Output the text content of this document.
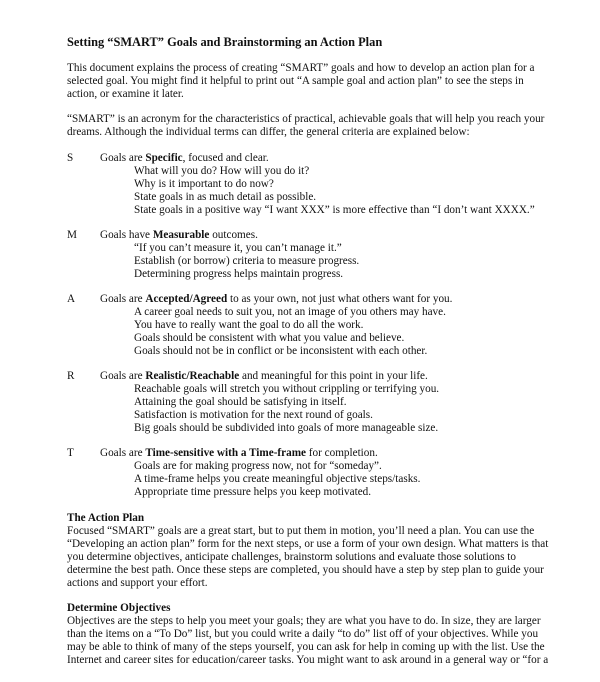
Setting “SMART” Goals and Brainstorming an Action Plan
This document explains the process of creating “SMART” goals and how to develop an action plan for a
selected goal. You might find it helpful to print out “A sample goal and action plan” to see the steps in
action, or examine it later.
“SMART” is an acronym for the characteristics of practical, achievable goals that will help you reach your
dreams. Although the individual terms can differ, the general criteria are explained below:
S Goals are Specific, focused and clear.
What will you do? How will you do it?
Why is it important to do now?
State goals in as much detail as possible.
State goals in a positive way “I want XXX” is more effective than “I don’t want XXXX.”
M Goals have Measurable outcomes.
“If you can’t measure it, you can’t manage it.”
Establish (or borrow) criteria to measure progress.
Determining progress helps maintain progress.
A Goals are Accepted/Agreed to as your own, not just what others want for you.
A career goal needs to suit you, not an image of you others may have.
You have to really want the goal to do all the work.
Goals should be consistent with what you value and believe.
Goals should not be in conflict or be inconsistent with each other.
R Goals are Realistic/Reachable and meaningful for this point in your life.
Reachable goals will stretch you without crippling or terrifying you.
Attaining the goal should be satisfying in itself.
Satisfaction is motivation for the next round of goals.
Big goals should be subdivided into goals of more manageable size.
T Goals are Time-sensitive with a Time-frame for completion.
Goals are for making progress now, not for “someday”.
A time-frame helps you create meaningful objective steps/tasks.
Appropriate time pressure helps you keep motivated.
The Action Plan
Focused “SMART” goals are a great start, but to put them in motion, you’ll need a plan. You can use the
“Developing an action plan” form for the next steps, or use a form of your own design. What matters is that
you determine objectives, anticipate challenges, brainstorm solutions and evaluate those solutions to
determine the best path. Once these steps are completed, you should have a step by step plan to guide your
actions and support your effort.
Determine Objectives
Objectives are the steps to help you meet your goals; they are what you have to do. In size, they are larger
than the items on a “To Do” list, but you could write a daily “to do” list off of your objectives. While you
may be able to think of many of the steps yourself, you can ask for help in coming up with the list. Use the
Internet and career sites for education/career tasks. You might want to ask around in a general way or “for a
